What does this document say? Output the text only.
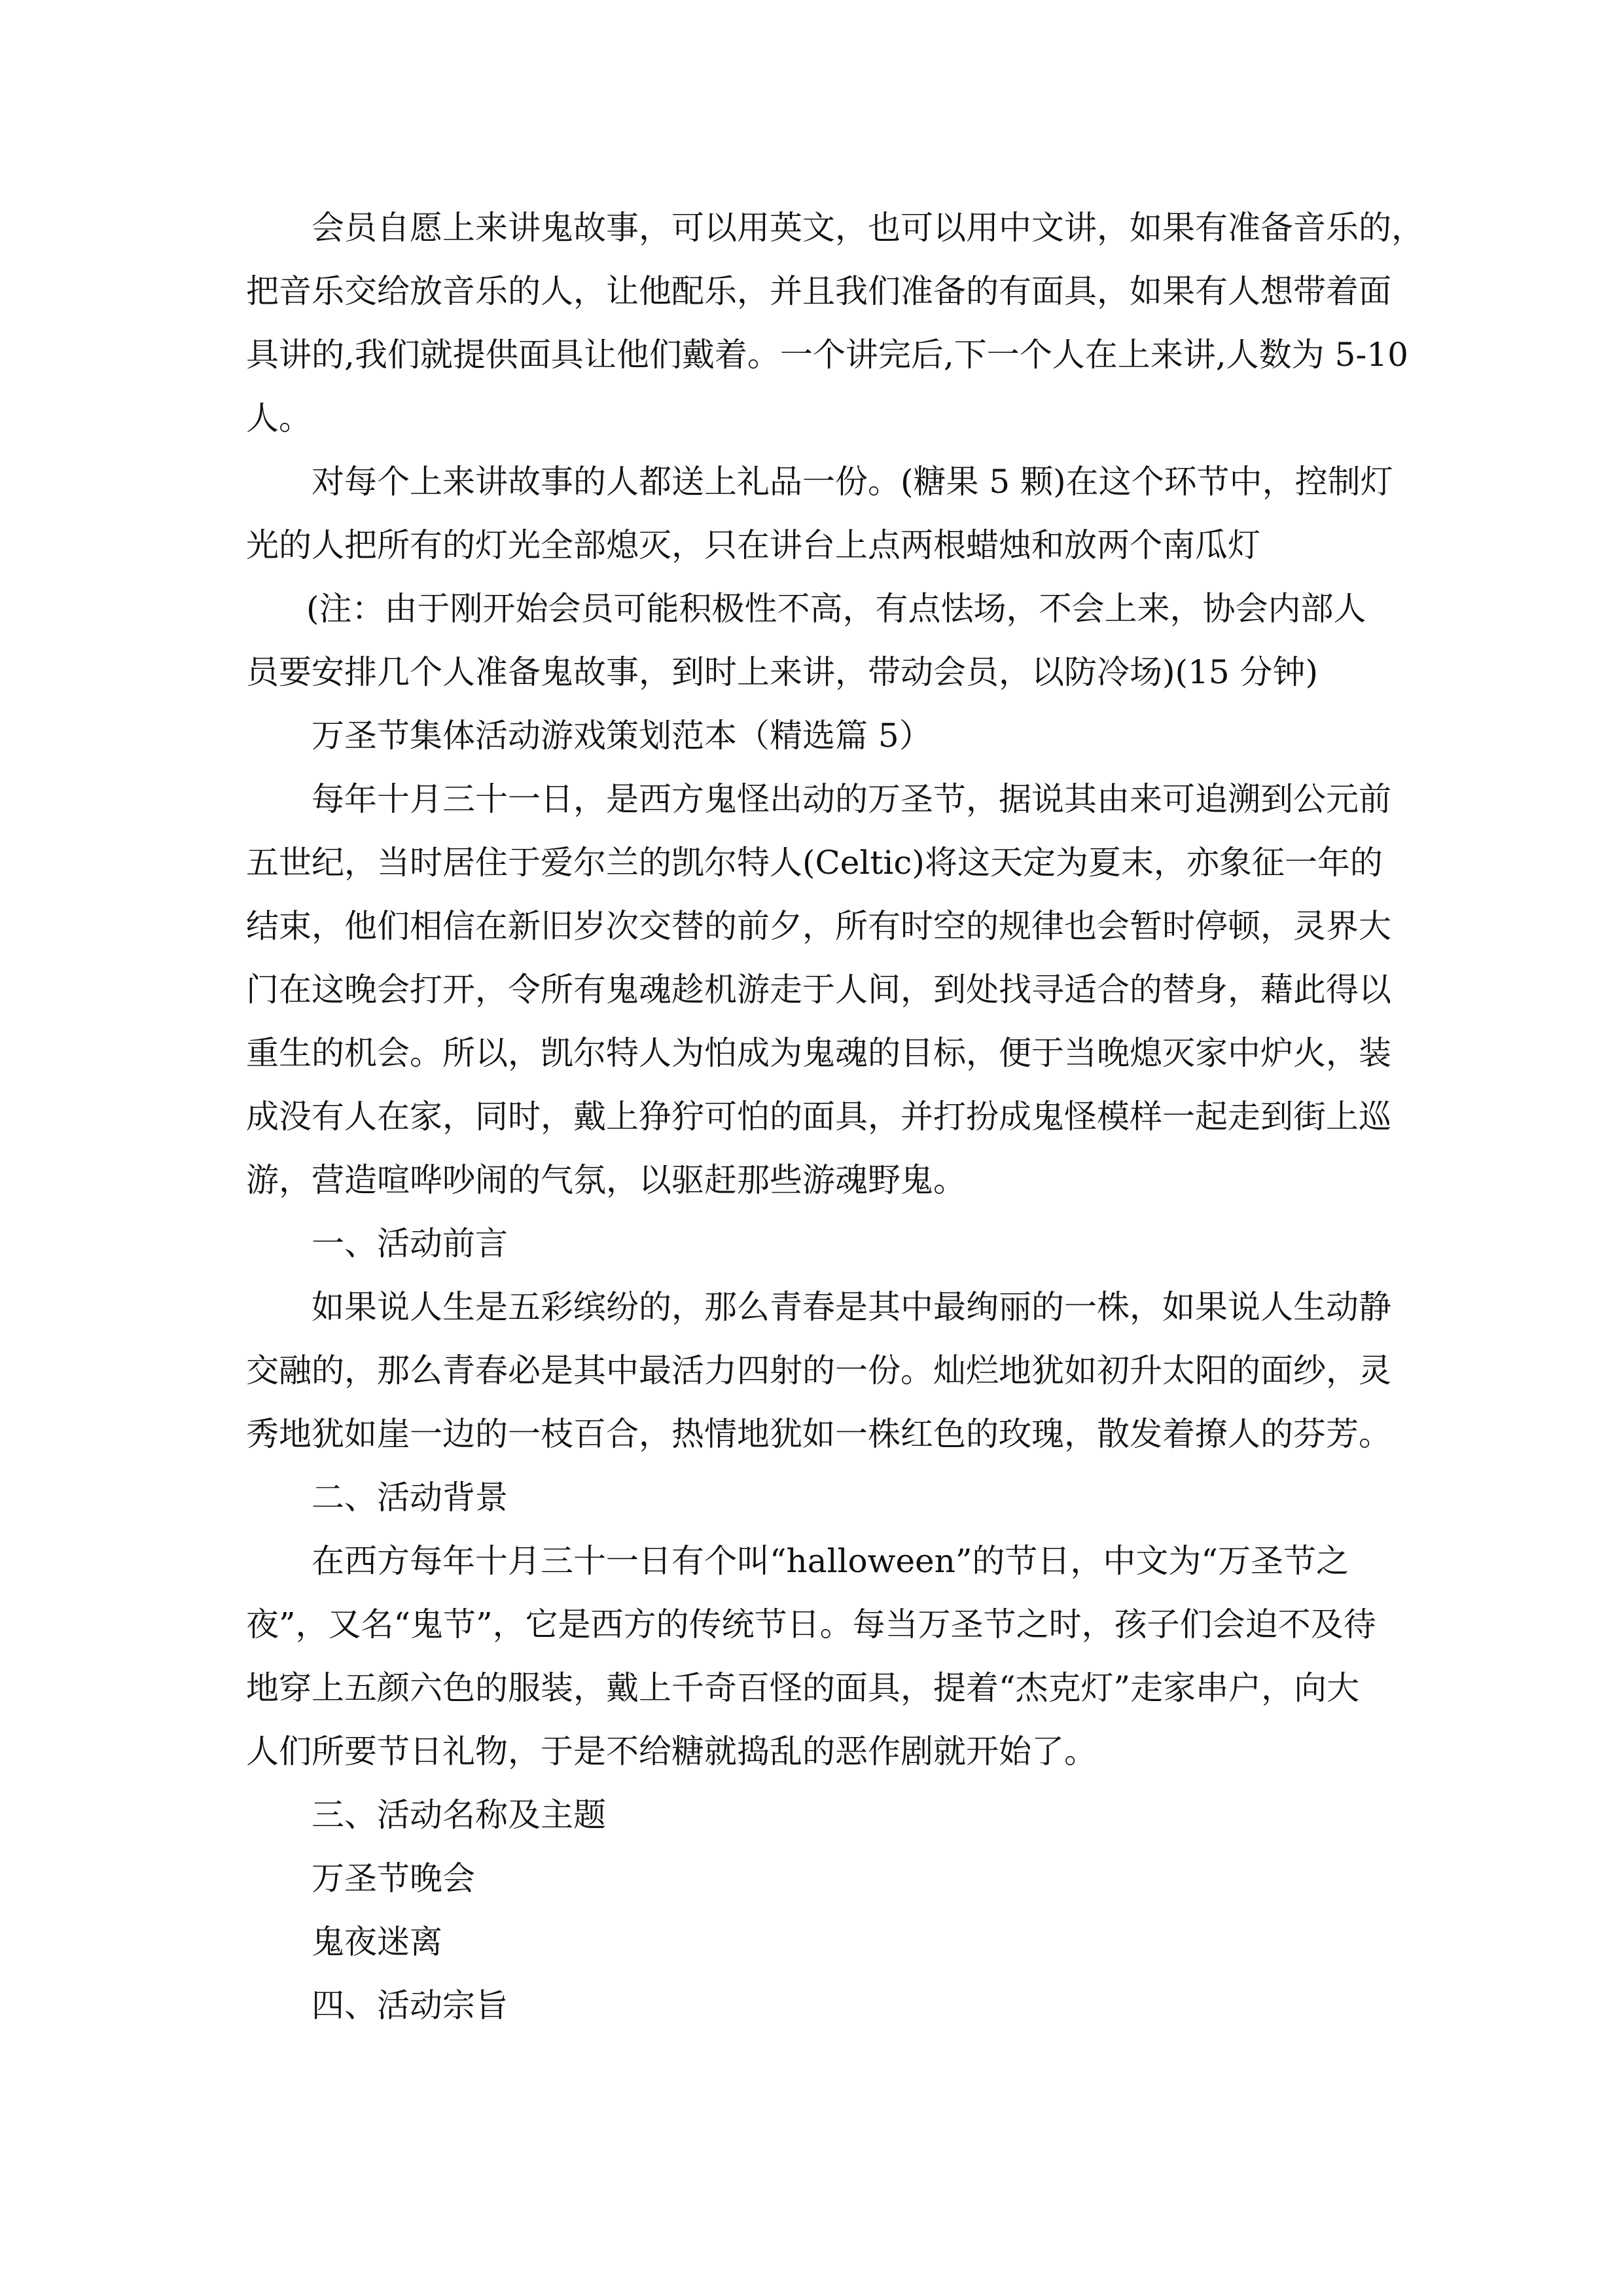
会员自愿上来讲鬼故事，可以用英文，也可以用中文讲，如果有准备音乐的，
把音乐交给放音乐的人，让他配乐，并且我们准备的有面具，如果有人想带着面
具讲的,我们就提供面具让他们戴着。一个讲完后,下一个人在上来讲,人数为 5-10
人。

对每个上来讲故事的人都送上礼品一份。(糖果 5 颗)在这个环节中，控制灯
光的人把所有的灯光全部熄灭，只在讲台上点两根蜡烛和放两个南瓜灯

(注：由于刚开始会员可能积极性不高，有点怯场，不会上来，协会内部人
员要安排几个人准备鬼故事，到时上来讲，带动会员，以防冷场)(15 分钟)

万圣节集体活动游戏策划范本（精选篇 5）

每年十月三十一日，是西方鬼怪出动的万圣节，据说其由来可追溯到公元前
五世纪，当时居住于爱尔兰的凯尔特人(Celtic)将这天定为夏末，亦象征一年的
结束，他们相信在新旧岁次交替的前夕，所有时空的规律也会暂时停顿，灵界大
门在这晚会打开，令所有鬼魂趁机游走于人间，到处找寻适合的替身，藉此得以
重生的机会。所以，凯尔特人为怕成为鬼魂的目标，便于当晚熄灭家中炉火，装
成没有人在家，同时，戴上狰狞可怕的面具，并打扮成鬼怪模样一起走到街上巡
游，营造喧哗吵闹的气氛，以驱赶那些游魂野鬼。

一、活动前言

如果说人生是五彩缤纷的，那么青春是其中最绚丽的一株，如果说人生动静
交融的，那么青春必是其中最活力四射的一份。灿烂地犹如初升太阳的面纱，灵
秀地犹如崖一边的一枝百合，热情地犹如一株红色的玫瑰，散发着撩人的芬芳。

二、活动背景

在西方每年十月三十一日有个叫“halloween”的节日，中文为“万圣节之
夜”，又名“鬼节”，它是西方的传统节日。每当万圣节之时，孩子们会迫不及待
地穿上五颜六色的服装，戴上千奇百怪的面具，提着“杰克灯”走家串户，向大
人们所要节日礼物，于是不给糖就捣乱的恶作剧就开始了。

三、活动名称及主题

万圣节晚会

鬼夜迷离

四、活动宗旨
